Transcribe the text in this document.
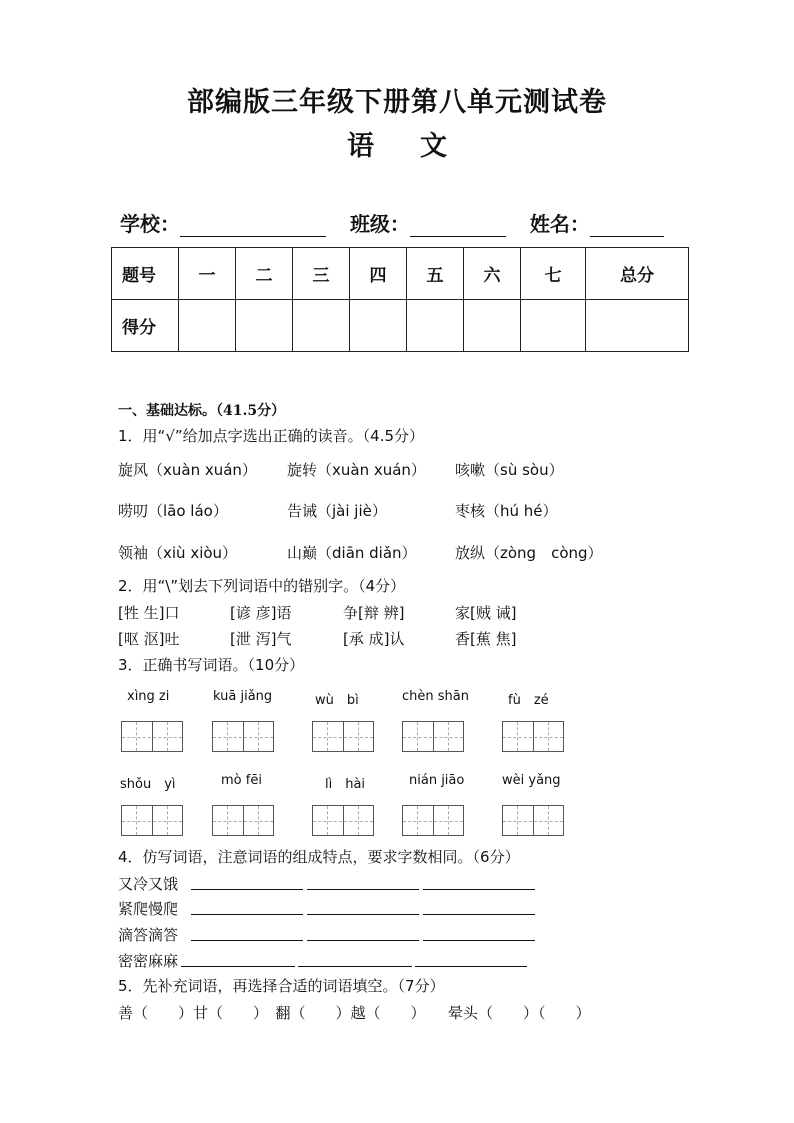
部编版三年级下册第八单元测试卷
语 文
学校：	班级：	姓名：
题号	一	二	三	四	五	六	七	总分
得分								
一、基础达标。（41.5分）
1．用“√”给加点字选出正确的读音。（4.5分）
旋风（xuàn xuán） 旋转（xuàn xuán） 咳嗽（sù sòu）
唠叨（lāo láo）	告诫（jài jiè）	枣核（hú hé）
领袖（xiù xiòu）	山巅（diān diǎn）	放纵（zòng　còng）
2．用“\”划去下列词语中的错别字。（4分）
[牲 生]口	[谚 彦]语	争[辩 辨]	家[贼 诫]
[呕 沤]吐	[泄 泻]气	[承 成]认	香[蕉 焦]
3．正确书写词语。（10分）
xìng zi	kuā jiǎng	wù　bì	chèn shān	fù　zé
shǒu　yì	mò fēi	lì　hài	nián jiāo	wèi yǎng
4．仿写词语，注意词语的组成特点，要求字数相同。（6分）
又冷又饿
紧爬慢爬
滴答滴答
密密麻麻
5．先补充词语，再选择合适的词语填空。（7分）
善（　　）甘（　　）　翻（　　）越（　　）　　晕头（　　）（　　）
